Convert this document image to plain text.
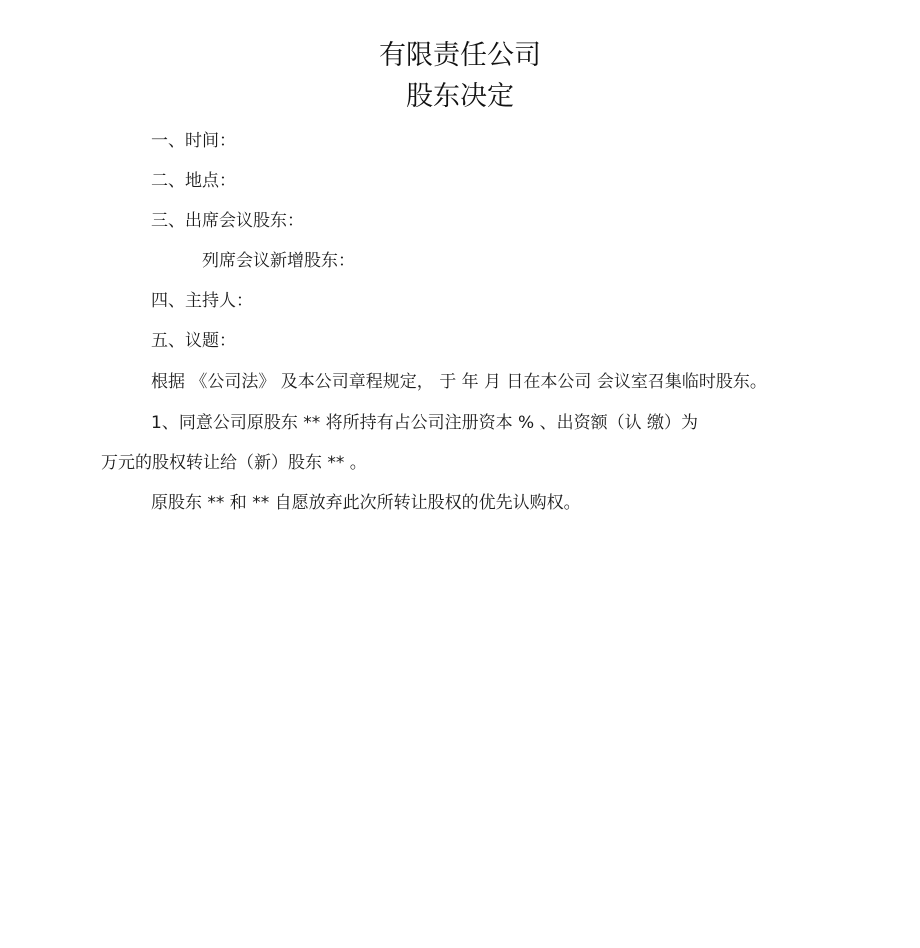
有限责任公司
股东决定
一、时间：
二、地点：
三、出席会议股东：
列席会议新增股东：
四、主持人：
五、议题：
根据 《公司法》 及本公司章程规定， 于 年 月 日在本公司 会议室召集临时股东。
1、同意公司原股东 ** 将所持有占公司注册资本 % 、出资额（认 缴）为
万元的股权转让给（新）股东 ** 。
原股东 ** 和 ** 自愿放弃此次所转让股权的优先认购权。
